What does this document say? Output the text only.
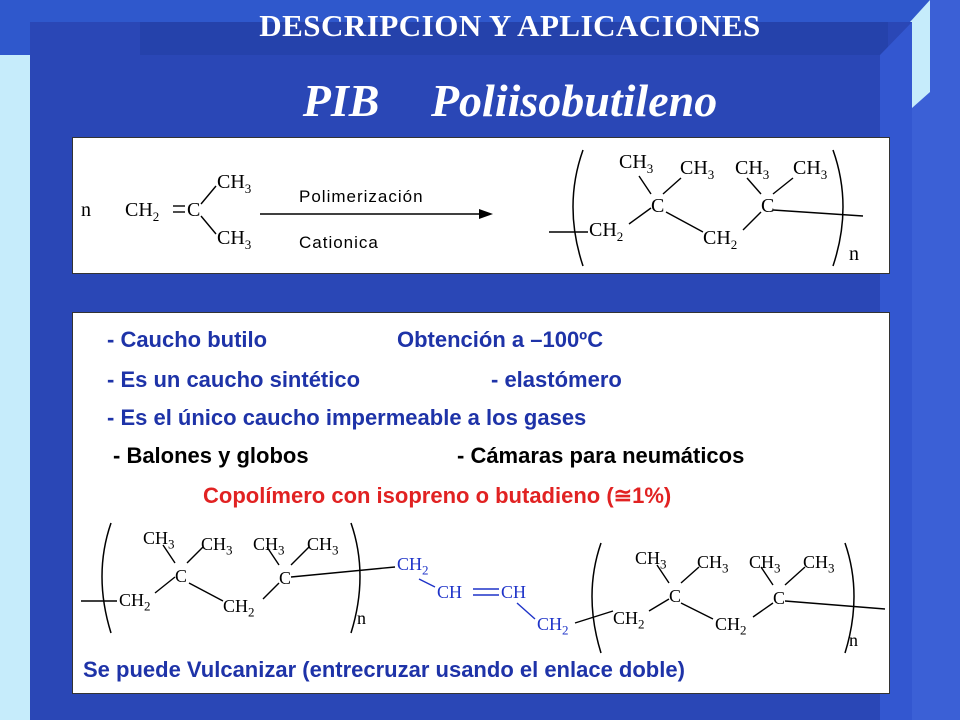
DESCRIPCION Y APLICACIONES
PIB Poliisobutileno
n $CH_2$ C
$CH_3$
$CH_3$
Polimerización
Cationica
$CH_3$ $CH_3$ $CH_3$ $CH_3$
C	C
$CH_2$	$CH_2$	n
- Caucho butilo	Obtención a –100ºC
- Es un caucho sintético	- elastómero
- Es el único caucho impermeable a los gases
- Balones y globos	- Cámaras para neumáticos
Copolímero con isopreno o butadieno (≅1%)
$CH_3$ $CH_3$ $CH_3$ $CH_3$
C	C
$CH_2$	$CH_2$	n
$CH_2$
CH CH
$CH_2$
$CH_3$ $CH_3$ $CH_3$ $CH_3$
C	C
$CH_2$	$CH_2$	n
Se puede Vulcanizar (entrecruzar usando el enlace doble)
